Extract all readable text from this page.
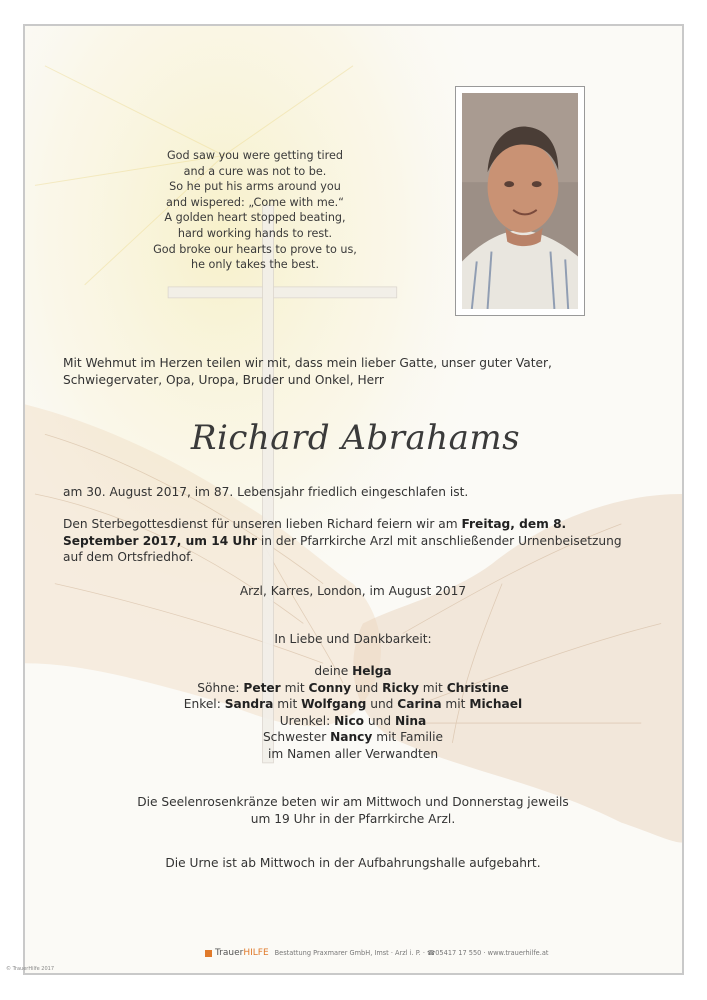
God saw you were getting tired
and a cure was not to be.
So he put his arms around you
and wispered: „Come with me.“
A golden heart stopped beating,
hard working hands to rest.
God broke our hearts to prove to us,
he only takes the best.
Mit Wehmut im Herzen teilen wir mit, dass mein lieber Gatte, unser guter Vater, Schwiegervater, Opa, Uropa, Bruder und Onkel, Herr
Richard Abrahams
am 30. August 2017, im 87. Lebensjahr friedlich eingeschlafen ist.
Den Sterbegottesdienst für unseren lieben Richard feiern wir am Freitag, dem 8. September 2017, um 14 Uhr in der Pfarrkirche Arzl mit anschließender Urnenbeisetzung auf dem Ortsfriedhof.
Arzl, Karres, London, im August 2017
In Liebe und Dankbarkeit:
deine Helga
Söhne: Peter mit Conny und Ricky mit Christine
Enkel: Sandra mit Wolfgang und Carina mit Michael
Urenkel: Nico und Nina
Schwester Nancy mit Familie
im Namen aller Verwandten
Die Seelenrosenkränze beten wir am Mittwoch und Donnerstag jeweils
um 19 Uhr in der Pfarrkirche Arzl.
Die Urne ist ab Mittwoch in der Aufbahrungshalle aufgebahrt.
TrauerHILFE Bestattung Praxmarer GmbH, Imst · Arzl i. P. · ☎05417 17 550 · www.trauerhilfe.at
© TrauerHilfe 2017
